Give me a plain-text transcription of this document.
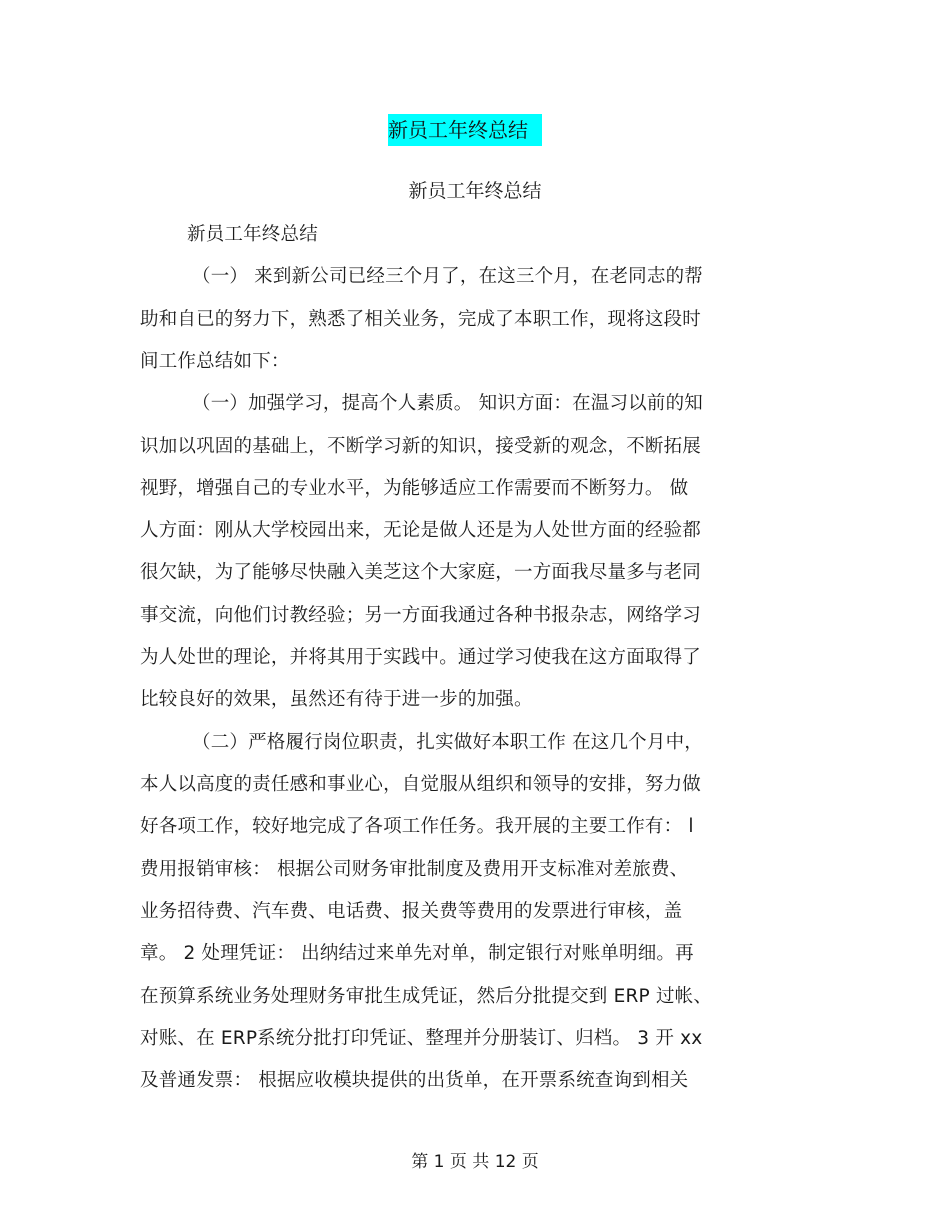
新员工年终总结
新员工年终总结
新员工年终总结
（一） 来到新公司已经三个月了，在这三个月，在老同志的帮
助和自已的努力下，熟悉了相关业务，完成了本职工作，现将这段时
间工作总结如下：
（一）加强学习，提高个人素质。 知识方面：在温习以前的知
识加以巩固的基础上，不断学习新的知识，接受新的观念，不断拓展
视野，增强自己的专业水平，为能够适应工作需要而不断努力。 做
人方面：刚从大学校园出来，无论是做人还是为人处世方面的经验都
很欠缺，为了能够尽快融入美芝这个大家庭，一方面我尽量多与老同
事交流，向他们讨教经验；另一方面我通过各种书报杂志，网络学习
为人处世的理论，并将其用于实践中。通过学习使我在这方面取得了
比较良好的效果，虽然还有待于进一步的加强。
（二）严格履行岗位职责，扎实做好本职工作 在这几个月中，
本人以高度的责任感和事业心，自觉服从组织和领导的安排，努力做
好各项工作，较好地完成了各项工作任务。我开展的主要工作有： l
费用报销审核： 根据公司财务审批制度及费用开支标准对差旅费、
业务招待费、汽车费、电话费、报关费等费用的发票进行审核，盖
章。 2 处理凭证： 出纳结过来单先对单，制定银行对账单明细。再
在预算系统业务处理财务审批生成凭证，然后分批提交到 ERP 过帐、
对账、在 ERP系统分批打印凭证、整理并分册装订、归档。 3 开 xx
及普通发票： 根据应收模块提供的出货单，在开票系统查询到相关
第 1 页 共 12 页
